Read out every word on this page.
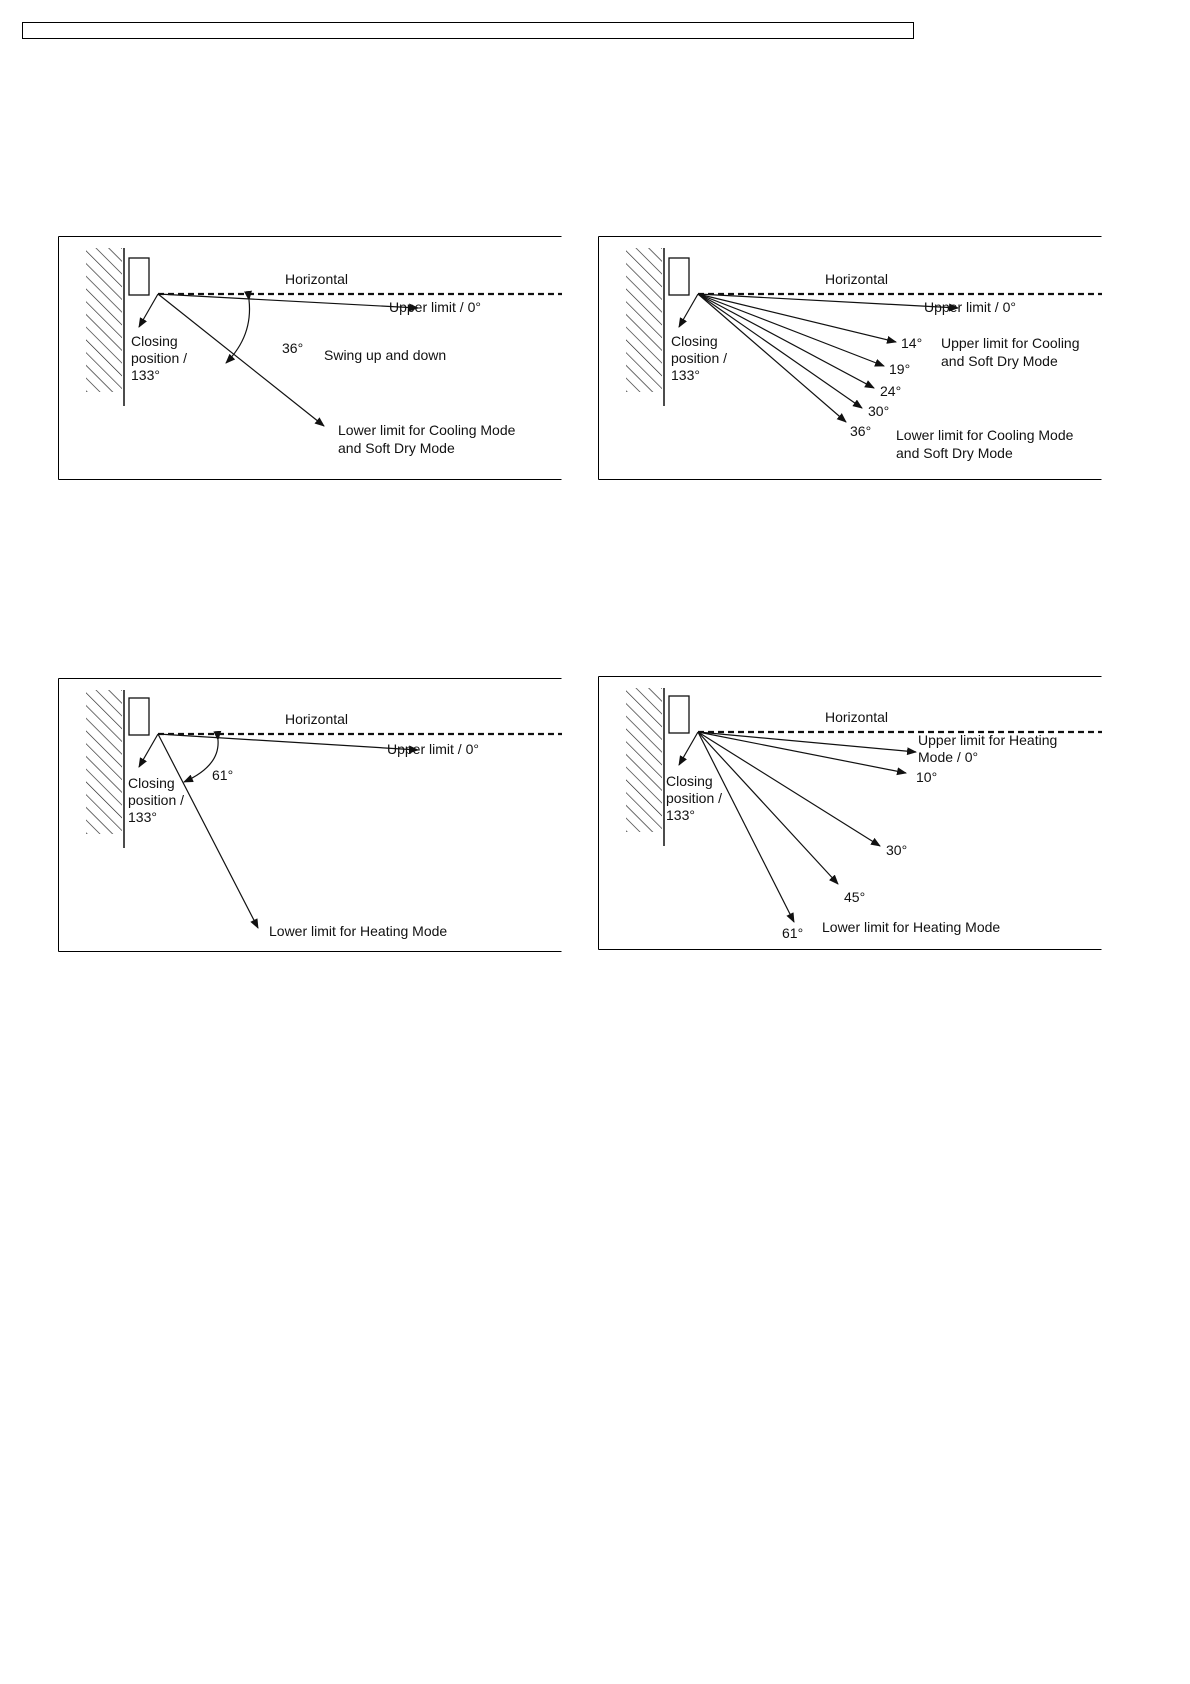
Horizontal
Upper limit / 0°
Closing
position /
133°
36° Swing up and down
Lower limit for Cooling Mode
and Soft Dry Mode
Horizontal
Upper limit / 0°
Closing
position /
133°
14°
19°
24°
30°
36°
Upper limit for Cooling
and Soft Dry Mode
Lower limit for Cooling Mode
and Soft Dry Mode
Horizontal
Upper limit / 0°
Closing
position /
133°
61°
Lower limit for Heating Mode
Horizontal
Upper limit for Heating
Mode / 0°
Closing
position /
133°
10°
30°
45°
61° Lower limit for Heating Mode
